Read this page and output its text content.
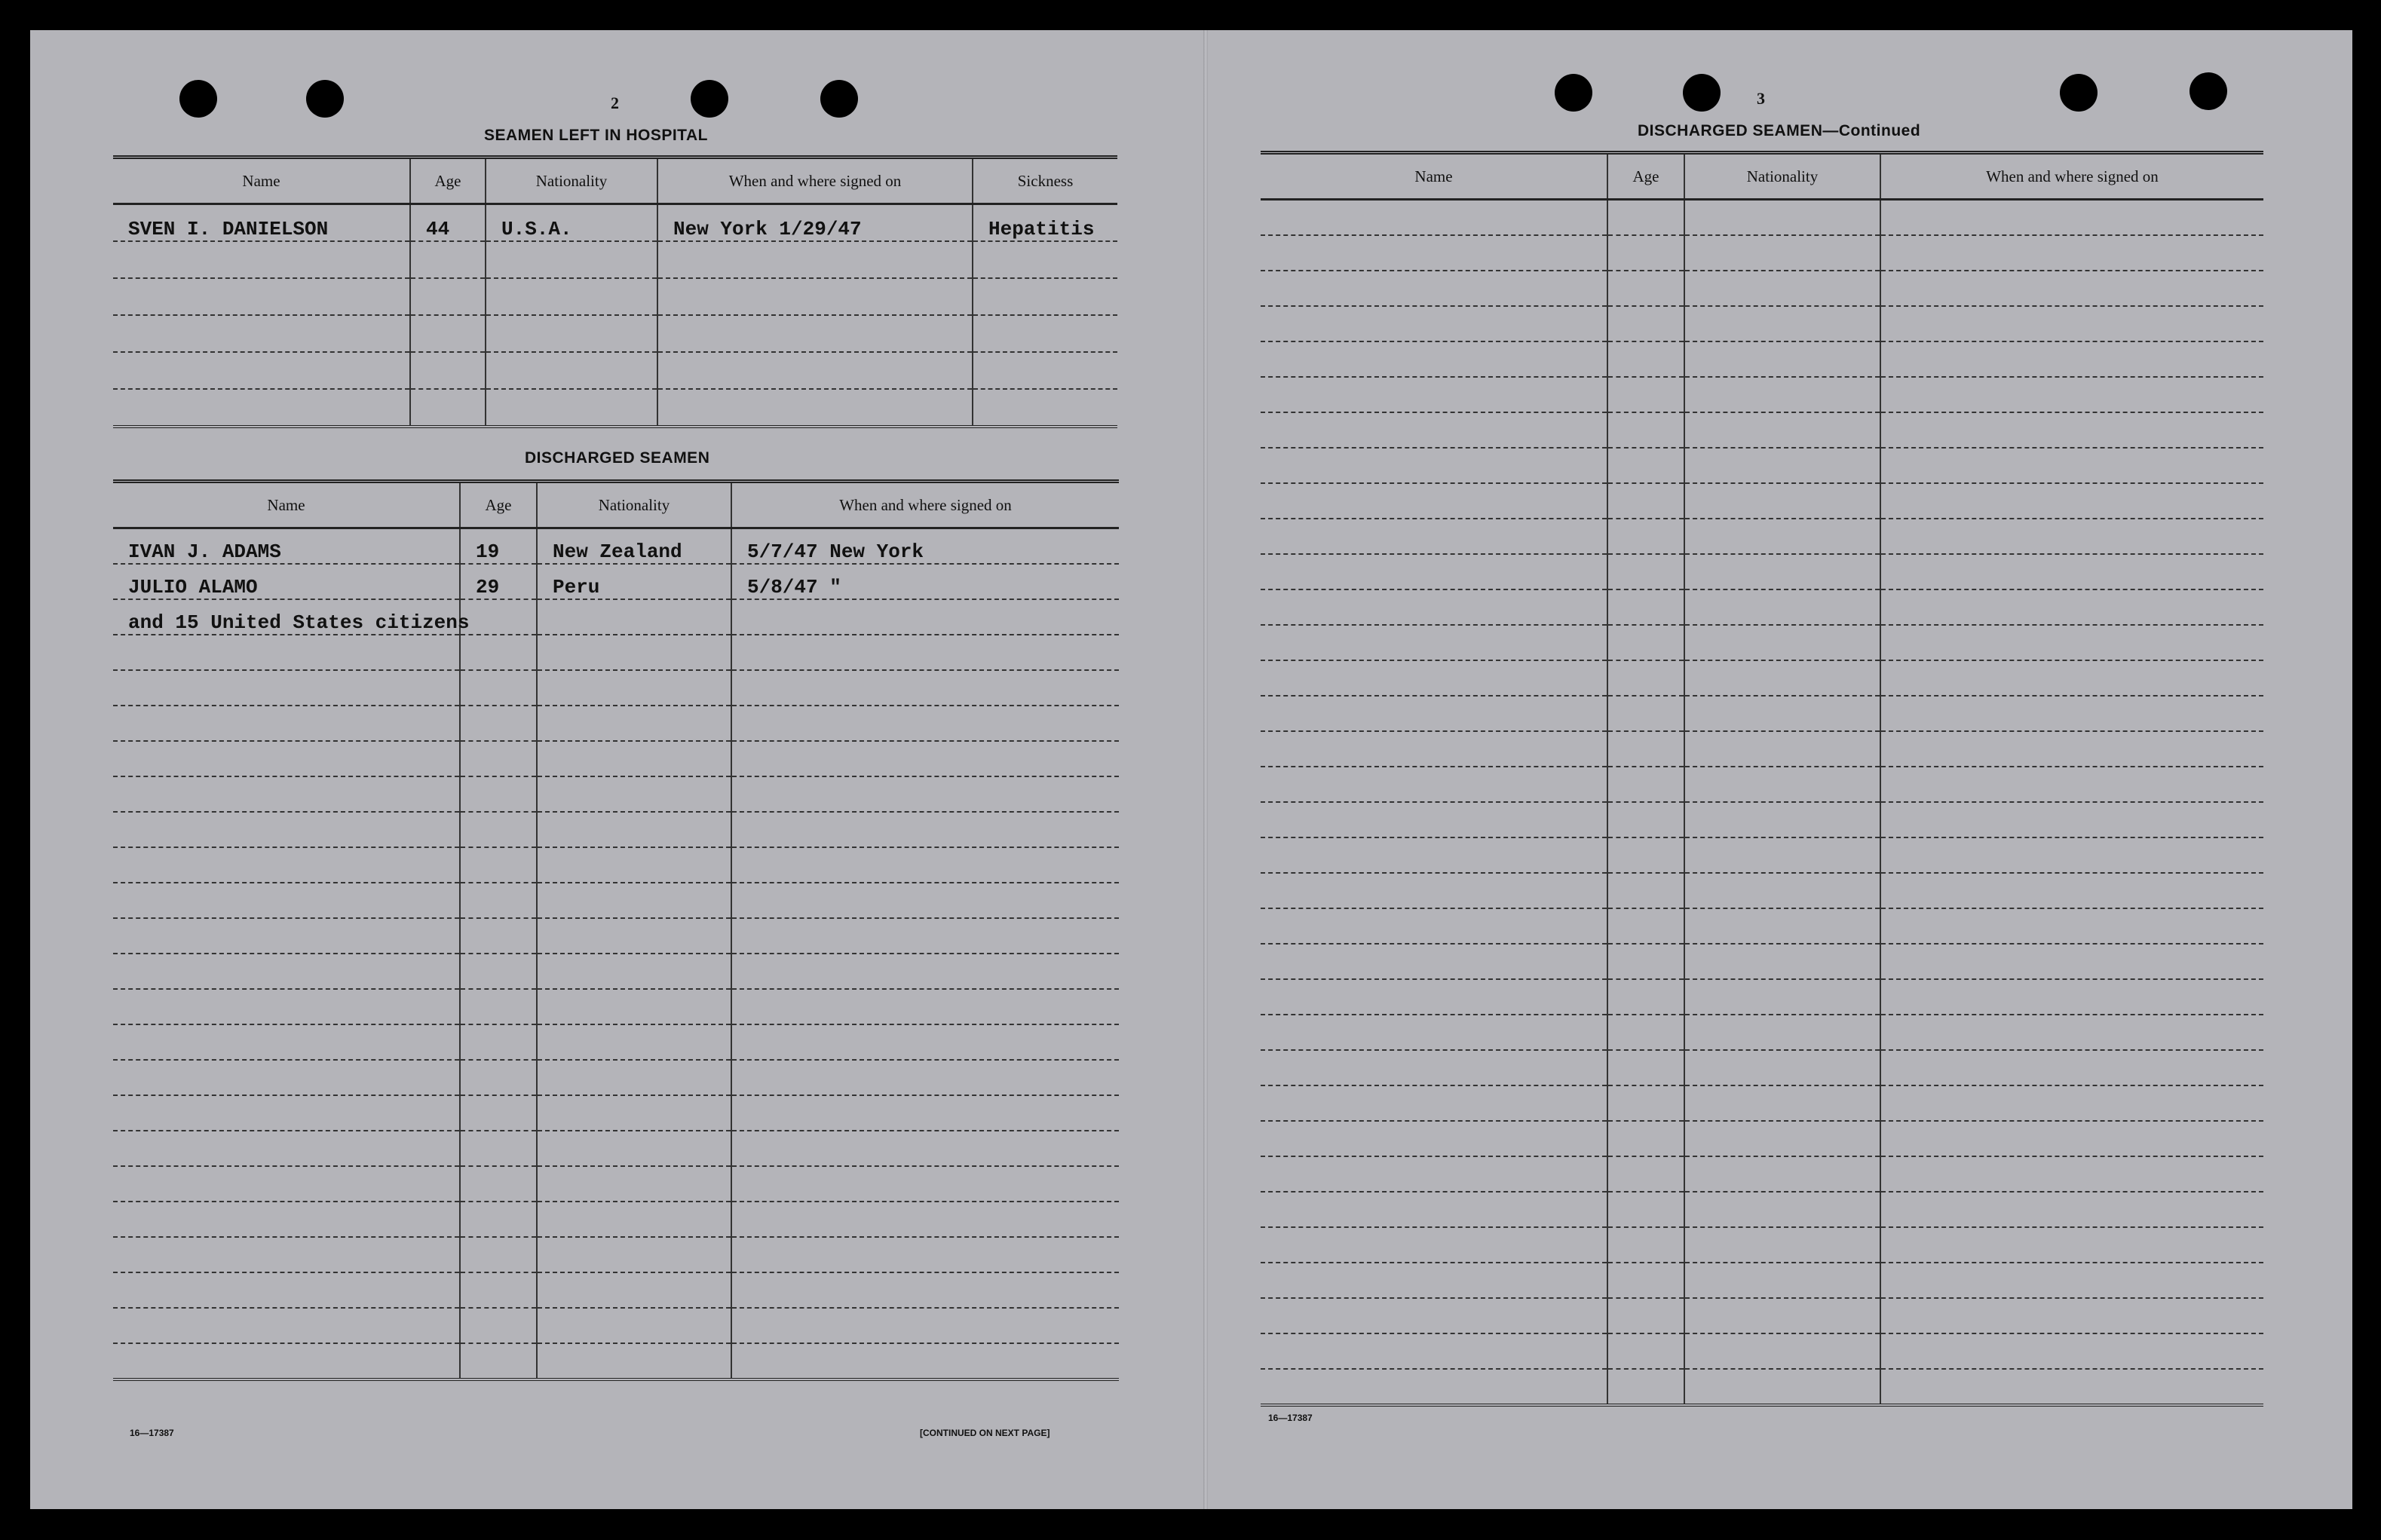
2
SEAMEN LEFT IN HOSPITAL
Name	Age	Nationality	When and where signed on	Sickness
SVEN I. DANIELSON	44	U.S.A.	New York 1/29/47	Hepatitis

DISCHARGED SEAMEN
Name	Age	Nationality	When and where signed on
IVAN J. ADAMS	19	New Zealand	5/7/47 New York
JULIO ALAMO	29	Peru	5/8/47 "
and 15 United States citizens			

16—17387	[CONTINUED ON NEXT PAGE]
3
DISCHARGED SEAMEN—Continued
Name	Age	Nationality	When and where signed on

16—17387
